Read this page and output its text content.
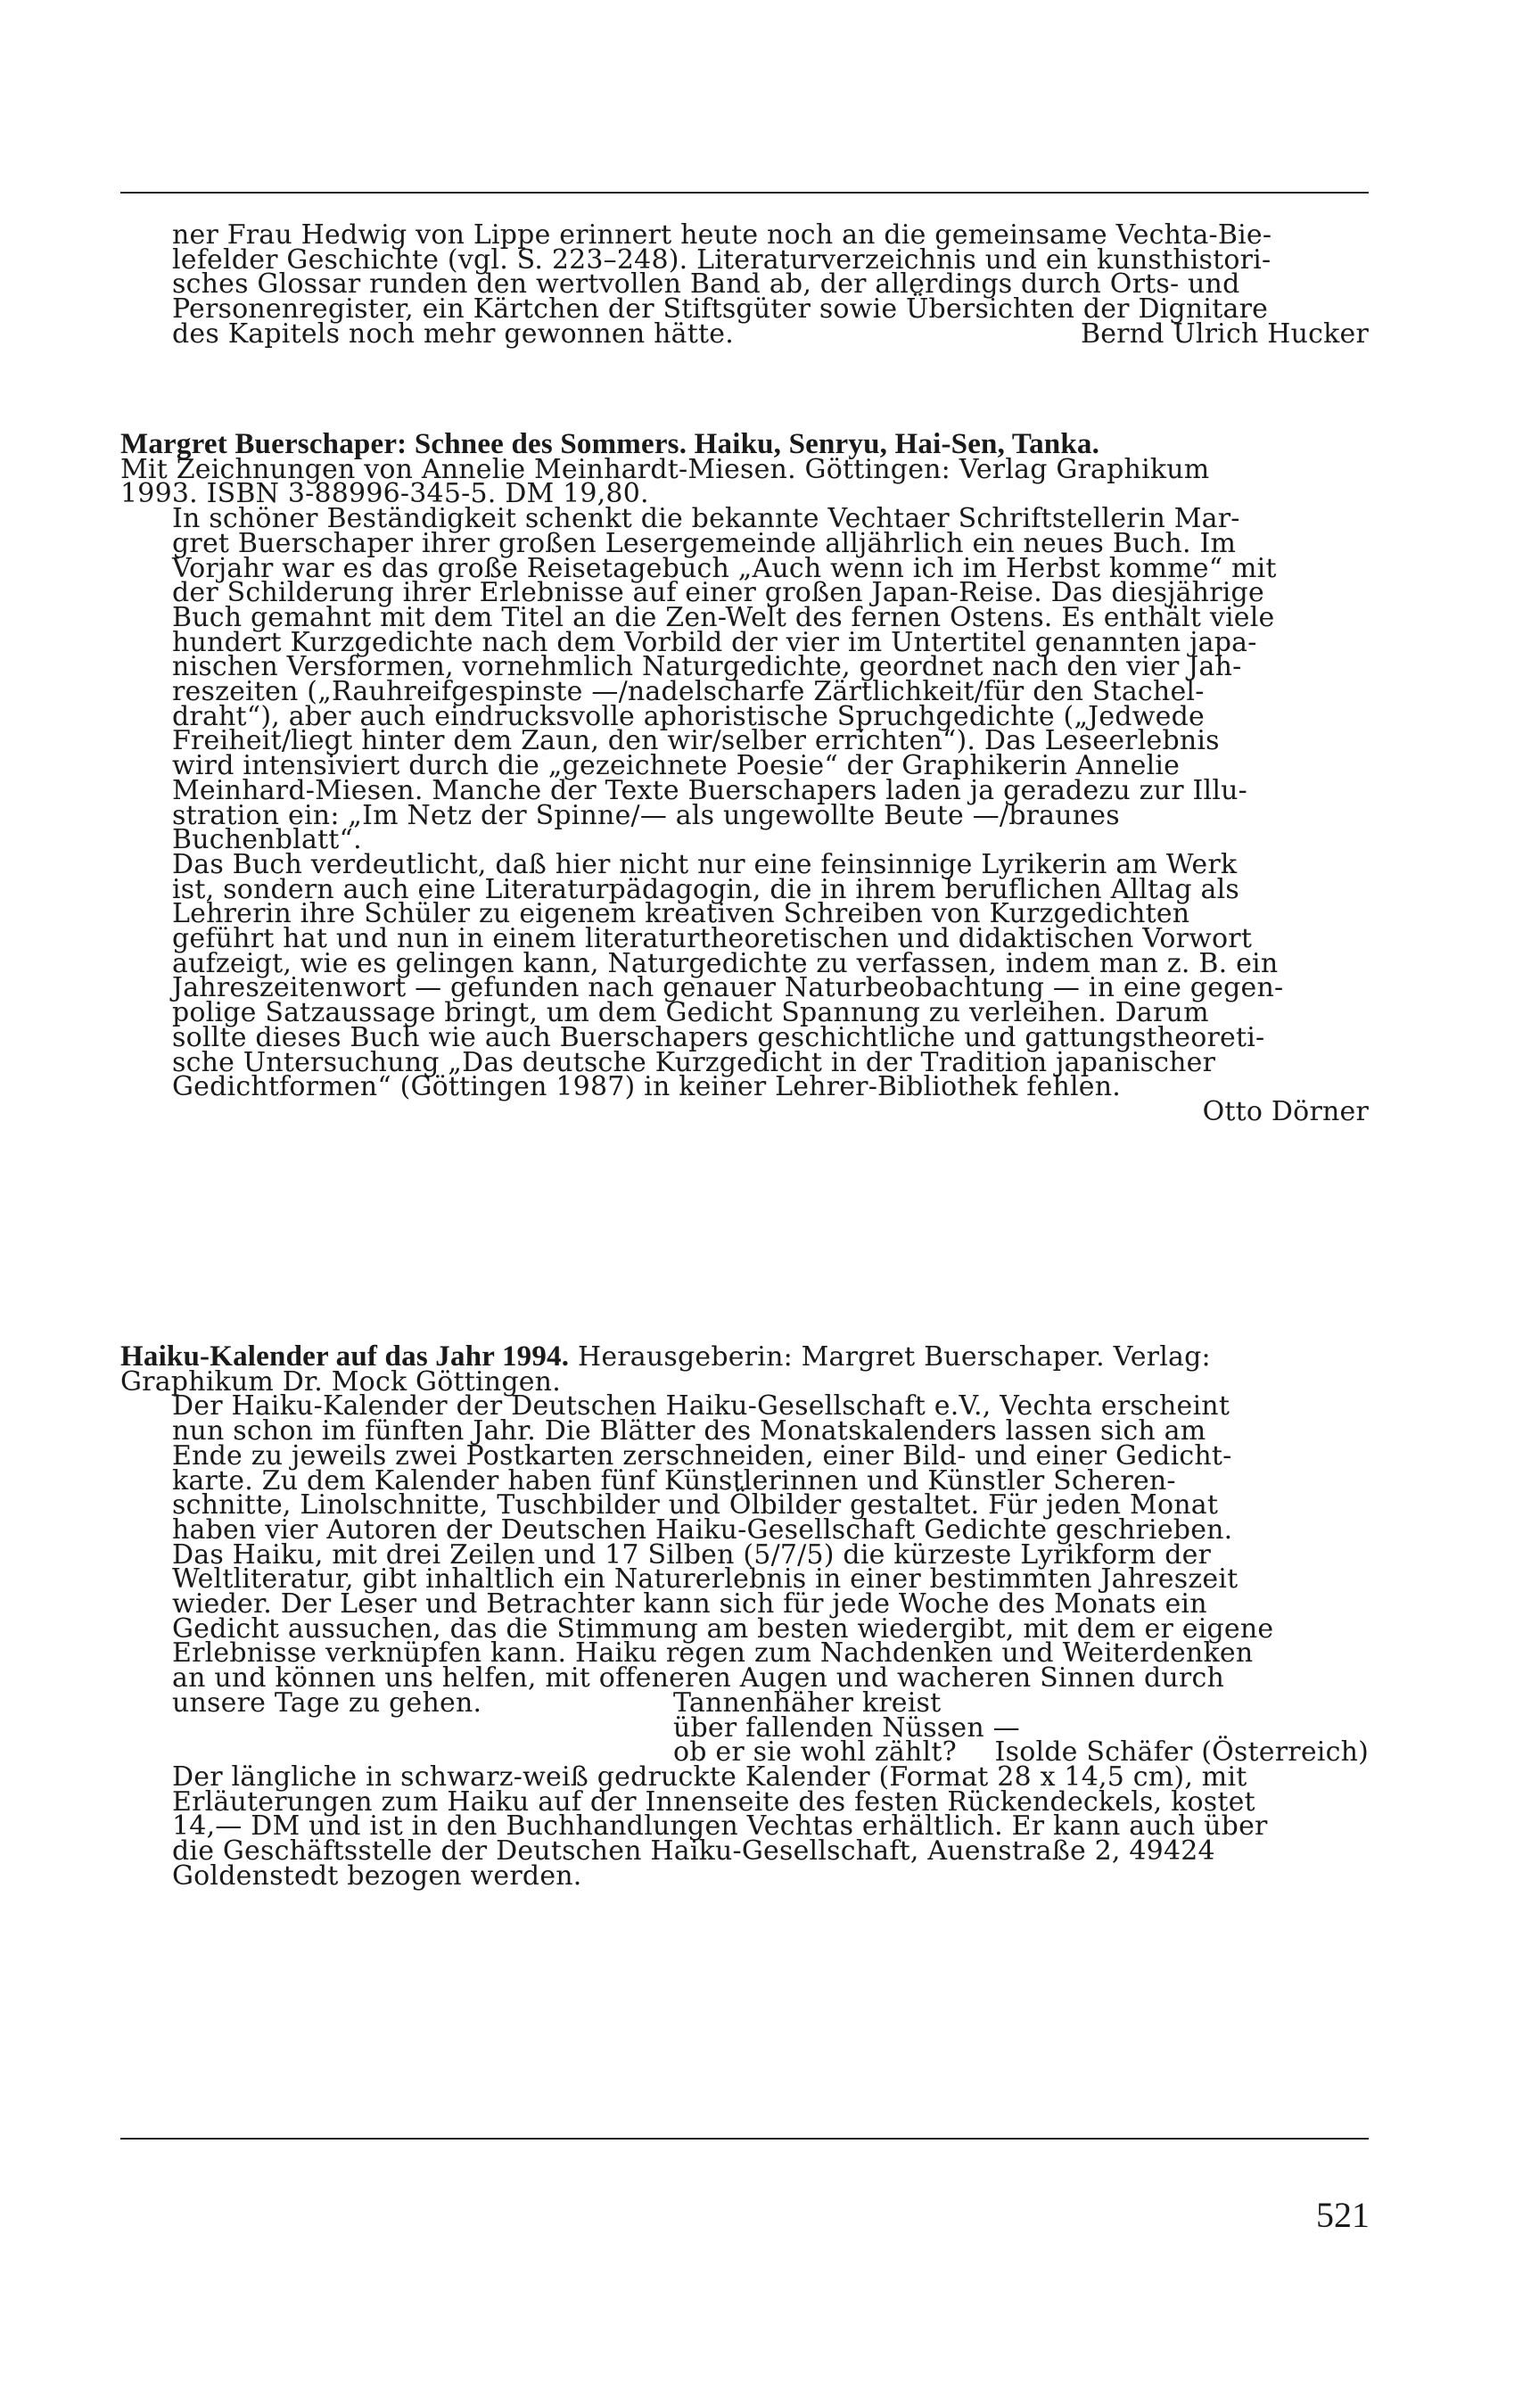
ner Frau Hedwig von Lippe erinnert heute noch an die gemeinsame Vechta-Bie-

lefelder Geschichte (vgl. S. 223–248). Literaturverzeichnis und ein kunsthistori-

sches Glossar runden den wertvollen Band ab, der allerdings durch Orts- und

Personenregister, ein Kärtchen der Stiftsgüter sowie Übersichten der Dignitare

des Kapitels noch mehr gewonnen hätte.	Bernd Ulrich Hucker

Margret Buerschaper: Schnee des Sommers. Haiku, Senryu, Hai-Sen, Tanka.

Mit Zeichnungen von Annelie Meinhardt-Miesen. Göttingen: Verlag Graphikum

1993. ISBN 3-88996-345-5. DM 19,80.

In schöner Beständigkeit schenkt die bekannte Vechtaer Schriftstellerin Mar-

gret Buerschaper ihrer großen Lesergemeinde alljährlich ein neues Buch. Im

Vorjahr war es das große Reisetagebuch „Auch wenn ich im Herbst komme“ mit

der Schilderung ihrer Erlebnisse auf einer großen Japan-Reise. Das diesjährige

Buch gemahnt mit dem Titel an die Zen-Welt des fernen Ostens. Es enthält viele

hundert Kurzgedichte nach dem Vorbild der vier im Untertitel genannten japa-

nischen Versformen, vornehmlich Naturgedichte, geordnet nach den vier Jah-

reszeiten („Rauhreifgespinste —/nadelscharfe Zärtlichkeit/für den Stachel-

draht“), aber auch eindrucksvolle aphoristische Spruchgedichte („Jedwede

Freiheit/liegt hinter dem Zaun, den wir/selber errichten“). Das Leseerlebnis

wird intensiviert durch die „gezeichnete Poesie“ der Graphikerin Annelie

Meinhard-Miesen. Manche der Texte Buerschapers laden ja geradezu zur Illu-

stration ein: „Im Netz der Spinne/— als ungewollte Beute —/braunes

Buchenblatt“.

Das Buch verdeutlicht, daß hier nicht nur eine feinsinnige Lyrikerin am Werk

ist, sondern auch eine Literaturpädagogin, die in ihrem beruflichen Alltag als

Lehrerin ihre Schüler zu eigenem kreativen Schreiben von Kurzgedichten

geführt hat und nun in einem literaturtheoretischen und didaktischen Vorwort

aufzeigt, wie es gelingen kann, Naturgedichte zu verfassen, indem man z. B. ein

Jahreszeitenwort — gefunden nach genauer Naturbeobachtung — in eine gegen-

polige Satzaussage bringt, um dem Gedicht Spannung zu verleihen. Darum

sollte dieses Buch wie auch Buerschapers geschichtliche und gattungstheoreti-

sche Untersuchung „Das deutsche Kurzgedicht in der Tradition japanischer

Gedichtformen“ (Göttingen 1987) in keiner Lehrer-Bibliothek fehlen.

Otto Dörner

Haiku-Kalender auf das Jahr 1994. Herausgeberin: Margret Buerschaper. Verlag:

Graphikum Dr. Mock Göttingen.

Der Haiku-Kalender der Deutschen Haiku-Gesellschaft e.V., Vechta erscheint

nun schon im fünften Jahr. Die Blätter des Monatskalenders lassen sich am

Ende zu jeweils zwei Postkarten zerschneiden, einer Bild- und einer Gedicht-

karte. Zu dem Kalender haben fünf Künstlerinnen und Künstler Scheren-

schnitte, Linolschnitte, Tuschbilder und Ölbilder gestaltet. Für jeden Monat

haben vier Autoren der Deutschen Haiku-Gesellschaft Gedichte geschrieben.

Das Haiku, mit drei Zeilen und 17 Silben (5/7/5) die kürzeste Lyrikform der

Weltliteratur, gibt inhaltlich ein Naturerlebnis in einer bestimmten Jahreszeit

wieder. Der Leser und Betrachter kann sich für jede Woche des Monats ein

Gedicht aussuchen, das die Stimmung am besten wiedergibt, mit dem er eigene

Erlebnisse verknüpfen kann. Haiku regen zum Nachdenken und Weiterdenken

an und können uns helfen, mit offeneren Augen und wacheren Sinnen durch

unsere Tage zu gehen.	Tannenhäher kreist

über fallenden Nüssen —

ob er sie wohl zählt? Isolde Schäfer (Österreich)

Der längliche in schwarz-weiß gedruckte Kalender (Format 28 x 14,5 cm), mit

Erläuterungen zum Haiku auf der Innenseite des festen Rückendeckels, kostet

14,— DM und ist in den Buchhandlungen Vechtas erhältlich. Er kann auch über

die Geschäftsstelle der Deutschen Haiku-Gesellschaft, Auenstraße 2, 49424

Goldenstedt bezogen werden.

521
